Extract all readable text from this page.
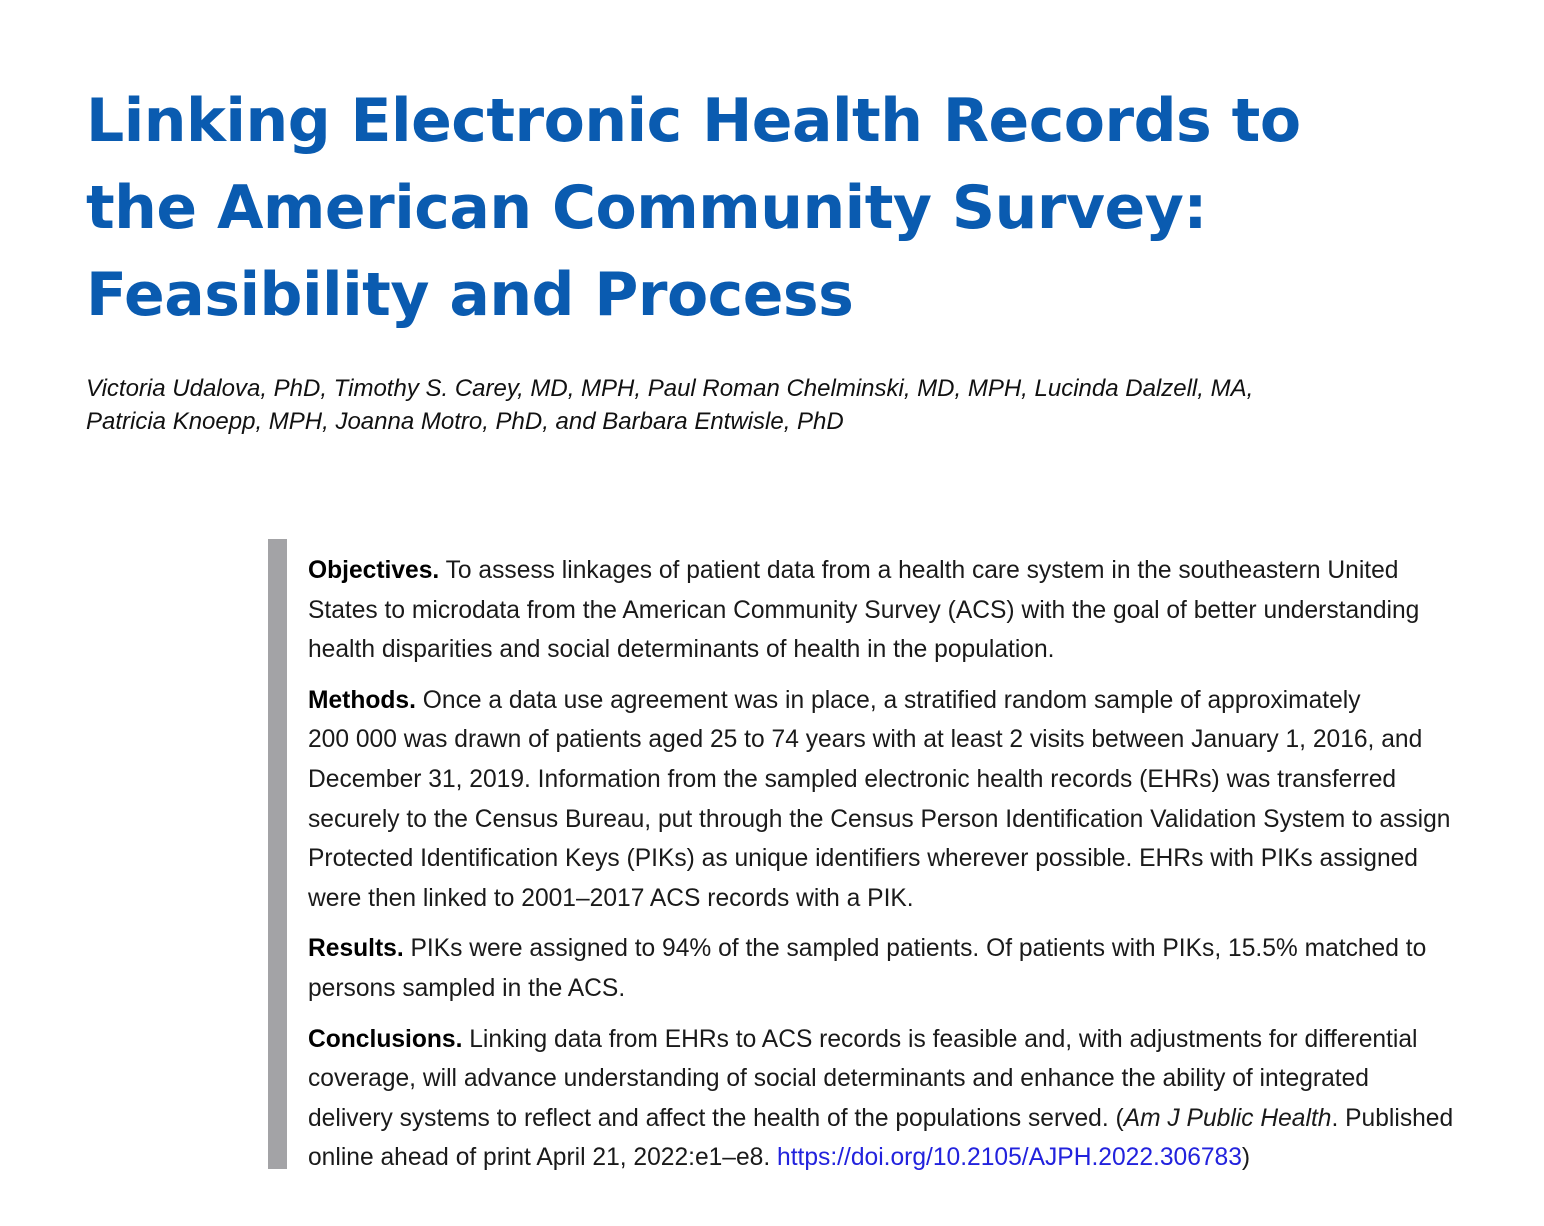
Linking Electronic Health Records to
the American Community Survey:
Feasibility and Process
Victoria Udalova, PhD, Timothy S. Carey, MD, MPH, Paul Roman Chelminski, MD, MPH, Lucinda Dalzell, MA,
Patricia Knoepp, MPH, Joanna Motro, PhD, and Barbara Entwisle, PhD
Objectives. To assess linkages of patient data from a health care system in the southeastern United
States to microdata from the American Community Survey (ACS) with the goal of better understanding
health disparities and social determinants of health in the population.
Methods. Once a data use agreement was in place, a stratified random sample of approximately
200 000 was drawn of patients aged 25 to 74 years with at least 2 visits between January 1, 2016, and
December 31, 2019. Information from the sampled electronic health records (EHRs) was transferred
securely to the Census Bureau, put through the Census Person Identification Validation System to assign
Protected Identification Keys (PIKs) as unique identifiers wherever possible. EHRs with PIKs assigned
were then linked to 2001–2017 ACS records with a PIK.
Results. PIKs were assigned to 94% of the sampled patients. Of patients with PIKs, 15.5% matched to
persons sampled in the ACS.
Conclusions. Linking data from EHRs to ACS records is feasible and, with adjustments for differential
coverage, will advance understanding of social determinants and enhance the ability of integrated
delivery systems to reflect and affect the health of the populations served. (Am J Public Health. Published
online ahead of print April 21, 2022:e1–e8. https://doi.org/10.2105/AJPH.2022.306783)
